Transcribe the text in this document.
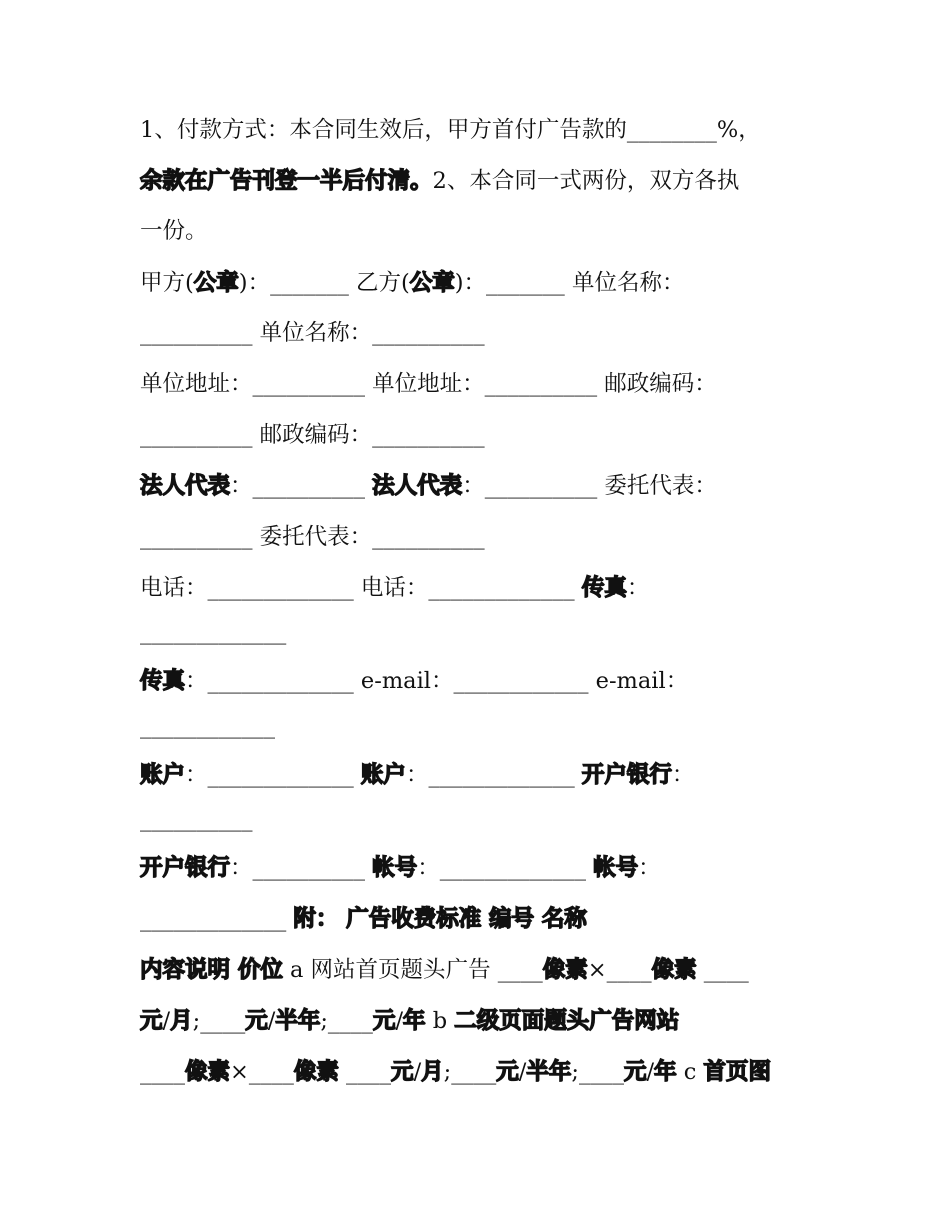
1、付款方式：本合同生效后，甲方首付广告款的________%，
余款在广告刊登一半后付清。2、本合同一式两份，双方各执
一份。
甲方(公章)：_______ 乙方(公章)：_______ 单位名称：
__________ 单位名称：__________
单位地址：__________ 单位地址：__________ 邮政编码：
__________ 邮政编码：__________
法人代表：__________ 法人代表：__________ 委托代表：
__________ 委托代表：__________
电话：_____________ 电话：_____________ 传真：
_____________
传真：_____________ e-mail：____________ e-mail：
____________
账户：_____________ 账户：_____________ 开户银行：
__________
开户银行：__________ 帐号：_____________ 帐号：
_____________ 附： 广告收费标准 编号 名称
内容说明 价位 a 网站首页题头广告 ____像素×____像素 ____
元/月;____元/半年;____元/年 b 二级页面题头广告网站
____像素×____像素 ____元/月;____元/半年;____元/年 c 首页图
